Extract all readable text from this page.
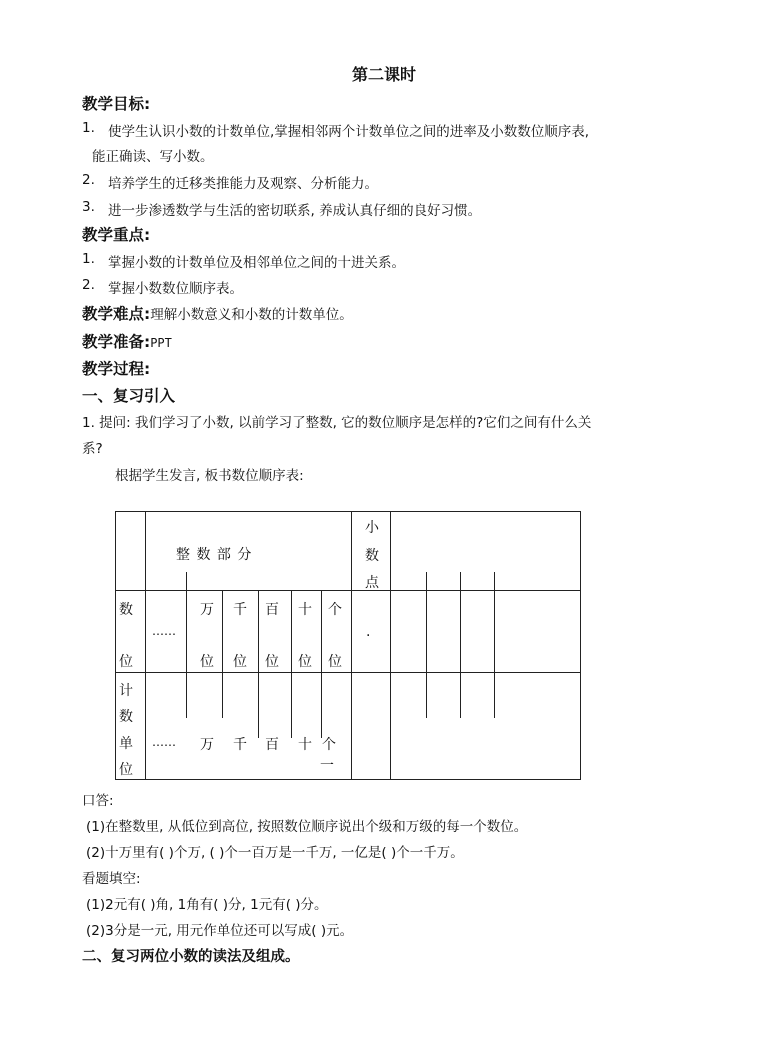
第二课时
教学目标:
1. 使学生认识小数的计数单位,掌握相邻两个计数单位之间的进率及小数数位顺序表,
能正确读、写小数。
2. 培养学生的迁移类推能力及观察、分析能力。
3. 进一步渗透数学与生活的密切联系, 养成认真仔细的良好习惯。
教学重点:
1. 掌握小数的计数单位及相邻单位之间的十进关系。
2. 掌握小数数位顺序表。
教学难点:理解小数意义和小数的计数单位。
教学准备:PPT
教学过程:
一、复习引入
1. 提问: 我们学习了小数, 以前学习了整数, 它的数位顺序是怎样的?它们之间有什么关
系?
根据学生发言, 板书数位顺序表:
整 数 部 分
小
数
点
数
位
……
万 千 百 十 个
位 位 位 位 位
.
计
数
单
位
…… 万 千 百 十 个
一
口答:
(1)在整数里, 从低位到高位, 按照数位顺序说出个级和万级的每一个数位。
(2)十万里有( )个万, ( )个一百万是一千万, 一亿是( )个一千万。
看题填空:
(1)2元有( )角, 1角有( )分, 1元有( )分。
(2)3分是一元, 用元作单位还可以写成( )元。
二、复习两位小数的读法及组成。
